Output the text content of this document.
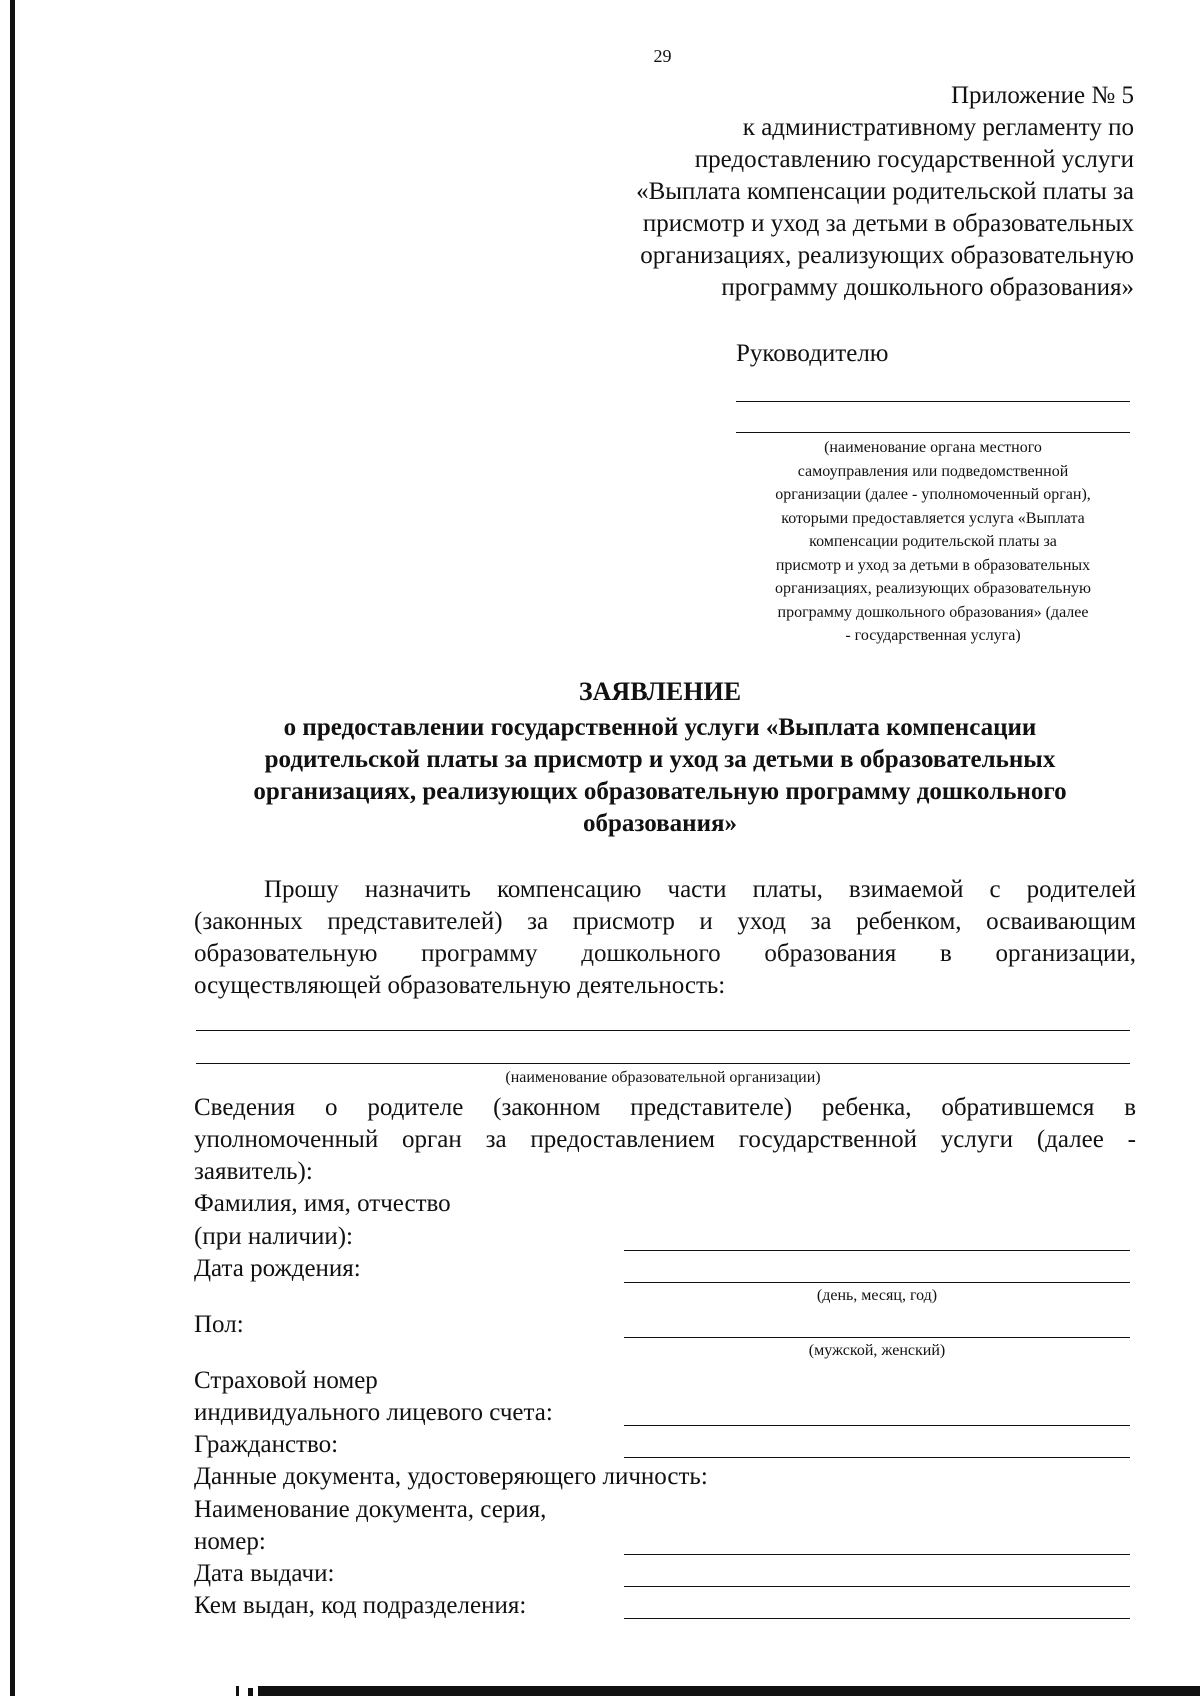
29
Приложение № 5
к административному регламенту по
предоставлению государственной услуги
«Выплата компенсации родительской платы за
присмотр и уход за детьми в образовательных
организациях, реализующих образовательную
программу дошкольного образования»
Руководителю
(наименование органа местного
самоуправления или подведомственной
организации (далее - уполномоченный орган),
которыми предоставляется услуга «Выплата
компенсации родительской платы за
присмотр и уход за детьми в образовательных
организациях, реализующих образовательную
программу дошкольного образования» (далее
- государственная услуга)
ЗАЯВЛЕНИЕ
о предоставлении государственной услуги «Выплата компенсации
родительской платы за присмотр и уход за детьми в образовательных
организациях, реализующих образовательную программу дошкольного
образования»
Прошу назначить компенсацию части платы, взимаемой с родителей
(законных представителей) за присмотр и уход за ребенком, осваивающим
образовательную программу дошкольного образования в организации,
осуществляющей образовательную деятельность:
(наименование образовательной организации)
Сведения о родителе (законном представителе) ребенка, обратившемся в
уполномоченный орган за предоставлением государственной услуги (далее -
заявитель):
Фамилия, имя, отчество
(при наличии):
Дата рождения:
(день, месяц, год)
Пол:
(мужской, женский)
Страховой номер
индивидуального лицевого счета:
Гражданство:
Данные документа, удостоверяющего личность:
Наименование документа, серия,
номер:
Дата выдачи:
Кем выдан, код подразделения:
